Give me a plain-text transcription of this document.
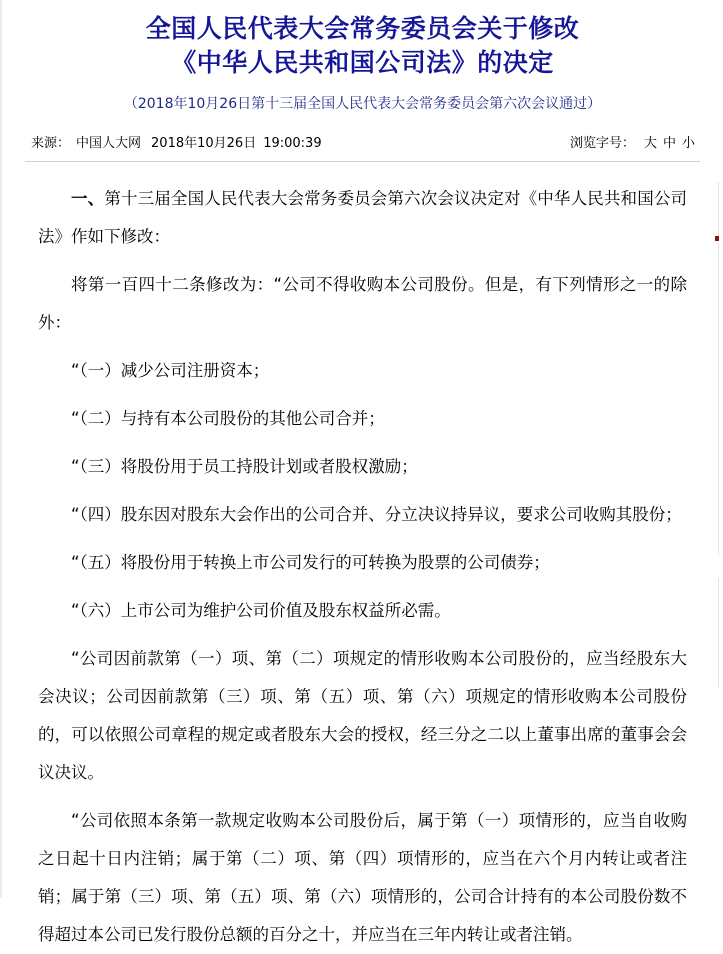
全国人民代表大会常务委员会关于修改
《中华人民共和国公司法》的决定

（2018年10月26日第十三届全国人民代表大会常务委员会第六次会议通过）

来源： 中国人大网 2018年10月26日 19:00:39	浏览字号： 大 中 小

一、第十三届全国人民代表大会常务委员会第六次会议决定对《中华人民共和国公司法》作如下修改：

将第一百四十二条修改为：“公司不得收购本公司股份。但是，有下列情形之一的除外：

“（一）减少公司注册资本；

“（二）与持有本公司股份的其他公司合并；

“（三）将股份用于员工持股计划或者股权激励；

“（四）股东因对股东大会作出的公司合并、分立决议持异议，要求公司收购其股份；

“（五）将股份用于转换上市公司发行的可转换为股票的公司债券；

“（六）上市公司为维护公司价值及股东权益所必需。

“公司因前款第（一）项、第（二）项规定的情形收购本公司股份的，应当经股东大会决议；公司因前款第（三）项、第（五）项、第（六）项规定的情形收购本公司股份的，可以依照公司章程的规定或者股东大会的授权，经三分之二以上董事出席的董事会会议决议。

“公司依照本条第一款规定收购本公司股份后，属于第（一）项情形的，应当自收购之日起十日内注销；属于第（二）项、第（四）项情形的，应当在六个月内转让或者注销；属于第（三）项、第（五）项、第（六）项情形的，公司合计持有的本公司股份数不得超过本公司已发行股份总额的百分之十，并应当在三年内转让或者注销。
